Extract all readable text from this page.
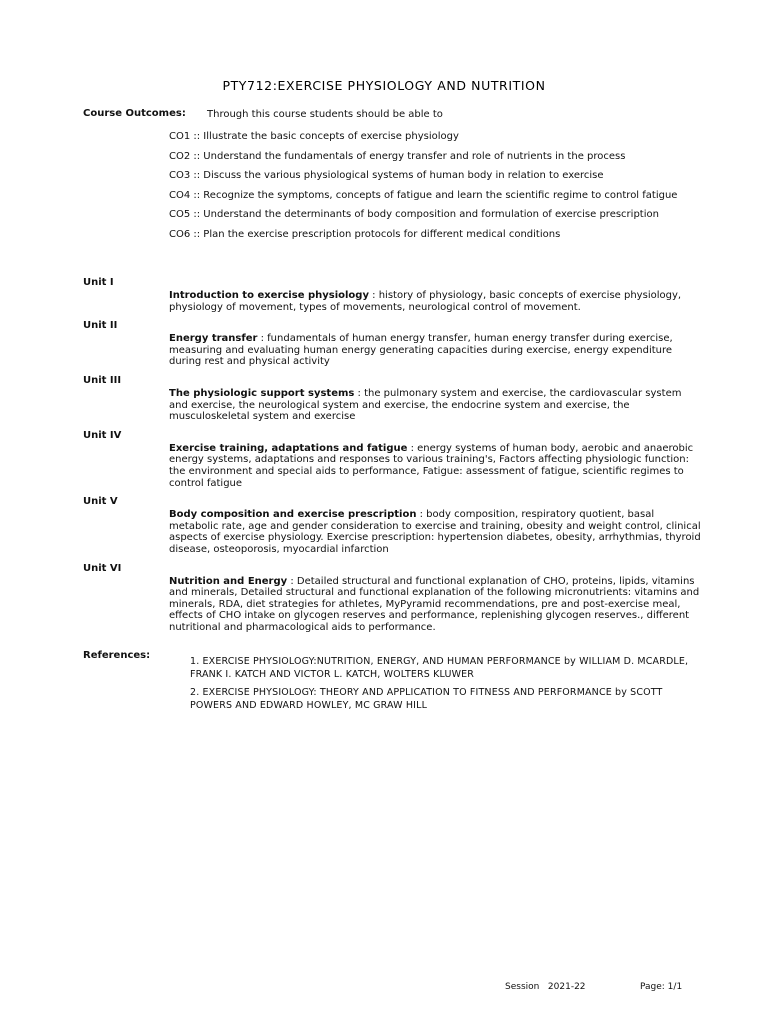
PTY712:EXERCISE PHYSIOLOGY AND NUTRITION
Course Outcomes: Through this course students should be able to
CO1 :: Illustrate the basic concepts of exercise physiology
CO2 :: Understand the fundamentals of energy transfer and role of nutrients in the process
CO3 :: Discuss the various physiological systems of human body in relation to exercise
CO4 :: Recognize the symptoms, concepts of fatigue and learn the scientific regime to control fatigue
CO5 :: Understand the determinants of body composition and formulation of exercise prescription
CO6 :: Plan the exercise prescription protocols for different medical conditions
Unit I
Introduction to exercise physiology : history of physiology, basic concepts of exercise physiology, physiology of movement, types of movements, neurological control of movement.
Unit II
Energy transfer : fundamentals of human energy transfer, human energy transfer during exercise, measuring and evaluating human energy generating capacities during exercise, energy expenditure during rest and physical activity
Unit III
The physiologic support systems : the pulmonary system and exercise, the cardiovascular system and exercise, the neurological system and exercise, the endocrine system and exercise, the musculoskeletal system and exercise
Unit IV
Exercise training, adaptations and fatigue : energy systems of human body, aerobic and anaerobic energy systems, adaptations and responses to various training's, Factors affecting physiologic function: the environment and special aids to performance, Fatigue: assessment of fatigue, scientific regimes to control fatigue
Unit V
Body composition and exercise prescription : body composition, respiratory quotient, basal metabolic rate, age and gender consideration to exercise and training, obesity and weight control, clinical aspects of exercise physiology. Exercise prescription: hypertension diabetes, obesity, arrhythmias, thyroid disease, osteoporosis, myocardial infarction
Unit VI
Nutrition and Energy : Detailed structural and functional explanation of CHO, proteins, lipids, vitamins and minerals, Detailed structural and functional explanation of the following micronutrients: vitamins and minerals, RDA, diet strategies for athletes, MyPyramid recommendations, pre and post-exercise meal, effects of CHO intake on glycogen reserves and performance, replenishing glycogen reserves., different nutritional and pharmacological aids to performance.
References:
1. EXERCISE PHYSIOLOGY:NUTRITION, ENERGY, AND HUMAN PERFORMANCE by WILLIAM D. MCARDLE, FRANK I. KATCH AND VICTOR L. KATCH, WOLTERS KLUWER
2. EXERCISE PHYSIOLOGY: THEORY AND APPLICATION TO FITNESS AND PERFORMANCE by SCOTT POWERS AND EDWARD HOWLEY, MC GRAW HILL
Session   2021-22	Page: 1/1
